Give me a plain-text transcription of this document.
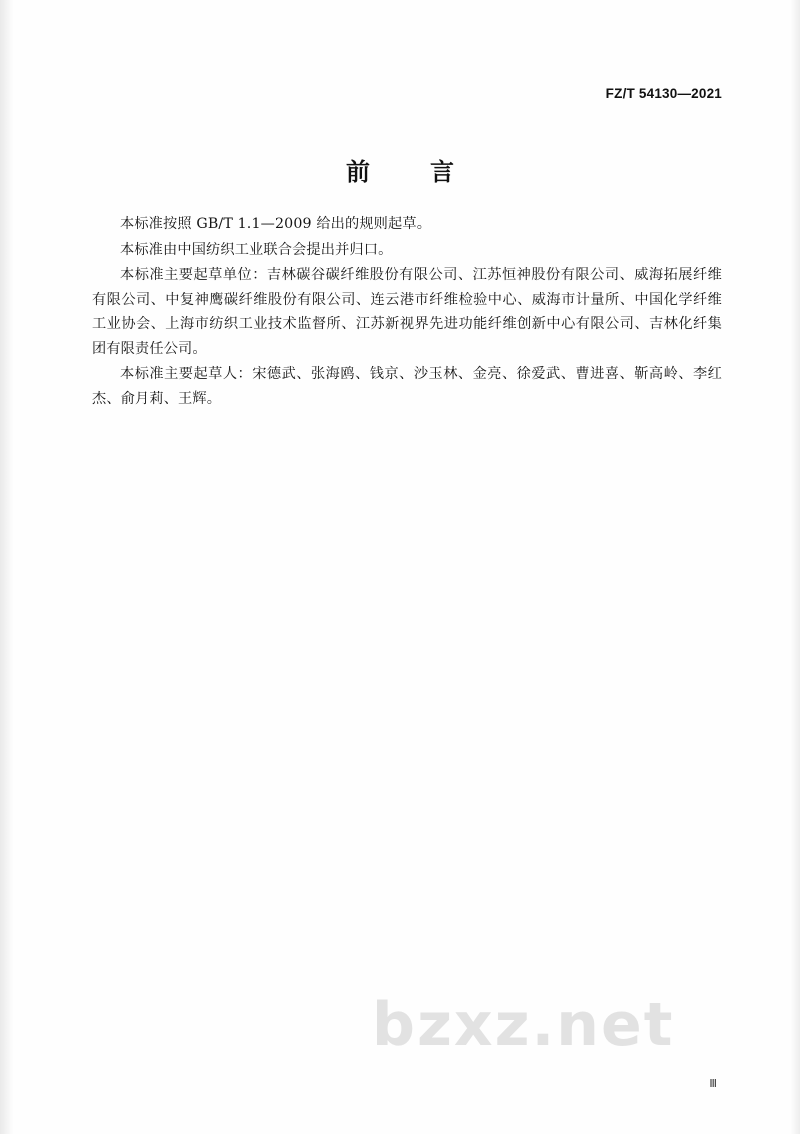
FZ/T 54130—2021
前　言

本标准按照 GB/T 1.1—2009 给出的规则起草。

本标准由中国纺织工业联合会提出并归口。

本标准主要起草单位：吉林碳谷碳纤维股份有限公司、江苏恒神股份有限公司、威海拓展纤维有限公司、中复神鹰碳纤维股份有限公司、连云港市纤维检验中心、威海市计量所、中国化学纤维工业协会、上海市纺织工业技术监督所、江苏新视界先进功能纤维创新中心有限公司、吉林化纤集团有限责任公司。

本标准主要起草人：宋德武、张海鸥、钱京、沙玉林、金亮、徐爱武、曹进喜、靳高岭、李红杰、俞月莉、王辉。

bzxz.net
Ⅲ
